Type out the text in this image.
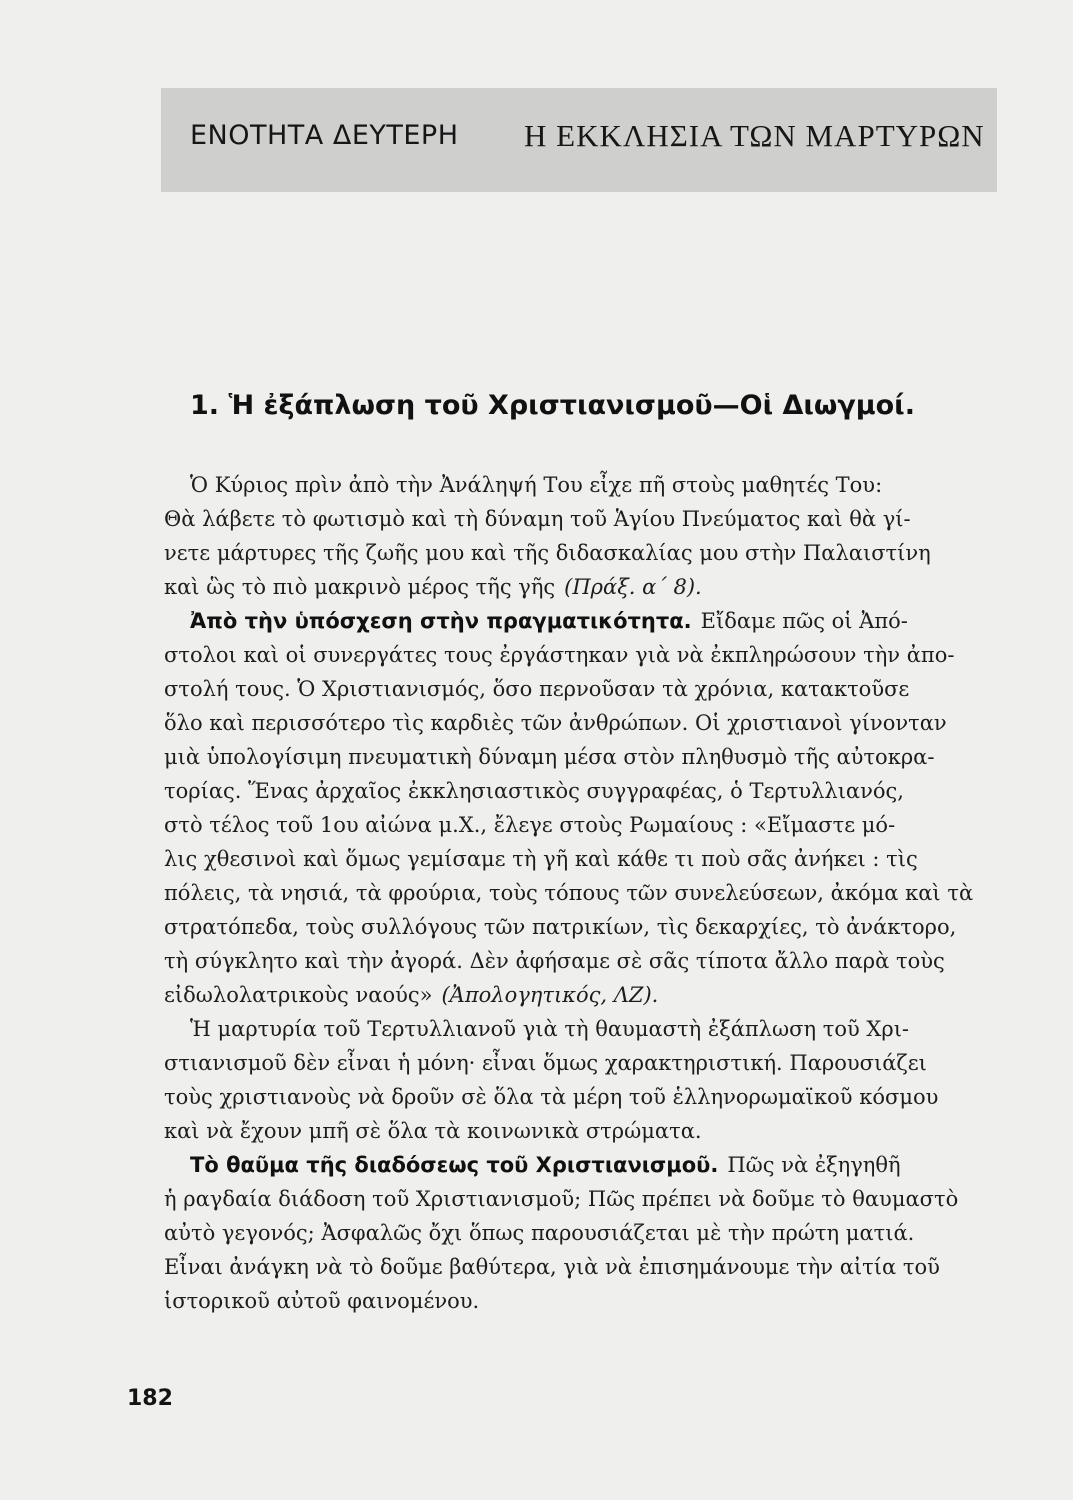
ΕΝΟΤΗΤΑ ΔΕΥΤΕΡΗ Η ΕΚΚΛΗΣΙΑ ΤΩΝ ΜΑΡΤΥΡΩΝ
1. Ἡ ἐξάπλωση τοῦ Χριστιανισμοῦ—Οἱ Διωγμοί.
Ὁ Κύριος πρὶν ἀπὸ τὴν Ἀνάληψή Του εἶχε πῆ στοὺς μαθητές Του:
Θὰ λάβετε τὸ φωτισμὸ καὶ τὴ δύναμη τοῦ Ἁγίου Πνεύματος καὶ θὰ γί-
νετε μάρτυρες τῆς ζωῆς μου καὶ τῆς διδασκαλίας μου στὴν Παλαιστίνη
καὶ ὣς τὸ πιὸ μακρινὸ μέρος τῆς γῆς (Πράξ. α΄ 8).
Ἀπὸ τὴν ὑπόσχεση στὴν πραγματικότητα. Εἴδαμε πῶς οἱ Ἀπό-
στολοι καὶ οἱ συνεργάτες τους ἐργάστηκαν γιὰ νὰ ἐκπληρώσουν τὴν ἀπο-
στολή τους. Ὁ Χριστιανισμός, ὅσο περνοῦσαν τὰ χρόνια, κατακτοῦσε
ὅλο καὶ περισσότερο τὶς καρδιὲς τῶν ἀνθρώπων. Οἱ χριστιανοὶ γίνονταν
μιὰ ὑπολογίσιμη πνευματικὴ δύναμη μέσα στὸν πληθυσμὸ τῆς αὐτοκρα-
τορίας. Ἕνας ἀρχαῖος ἐκκλησιαστικὸς συγγραφέας, ὁ Τερτυλλιανός,
στὸ τέλος τοῦ 1ου αἰώνα μ.Χ., ἔλεγε στοὺς Ρωμαίους : «Εἴμαστε μό-
λις χθεσινοὶ καὶ ὅμως γεμίσαμε τὴ γῆ καὶ κάθε τι ποὺ σᾶς ἀνήκει : τὶς
πόλεις, τὰ νησιά, τὰ φρούρια, τοὺς τόπους τῶν συνελεύσεων, ἀκόμα καὶ τὰ
στρατόπεδα, τοὺς συλλόγους τῶν πατρικίων, τὶς δεκαρχίες, τὸ ἀνάκτορο,
τὴ σύγκλητο καὶ τὴν ἀγορά. Δὲν ἀφήσαμε σὲ σᾶς τίποτα ἄλλο παρὰ τοὺς
εἰδωλολατρικοὺς ναούς» (Ἀπολογητικός, ΛΖ).
Ἡ μαρτυρία τοῦ Τερτυλλιανοῦ γιὰ τὴ θαυμαστὴ ἐξάπλωση τοῦ Χρι-
στιανισμοῦ δὲν εἶναι ἡ μόνη· εἶναι ὅμως χαρακτηριστική. Παρουσιάζει
τοὺς χριστιανοὺς νὰ δροῦν σὲ ὅλα τὰ μέρη τοῦ ἑλληνορωμαϊκοῦ κόσμου
καὶ νὰ ἔχουν μπῆ σὲ ὅλα τὰ κοινωνικὰ στρώματα.
Τὸ θαῦμα τῆς διαδόσεως τοῦ Χριστιανισμοῦ. Πῶς νὰ ἐξηγηθῆ
ἡ ραγδαία διάδοση τοῦ Χριστιανισμοῦ; Πῶς πρέπει νὰ δοῦμε τὸ θαυμαστὸ
αὐτὸ γεγονός; Ἀσφαλῶς ὄχι ὅπως παρουσιάζεται μὲ τὴν πρώτη ματιά.
Εἶναι ἀνάγκη νὰ τὸ δοῦμε βαθύτερα, γιὰ νὰ ἐπισημάνουμε τὴν αἰτία τοῦ
ἱστορικοῦ αὐτοῦ φαινομένου.
182
